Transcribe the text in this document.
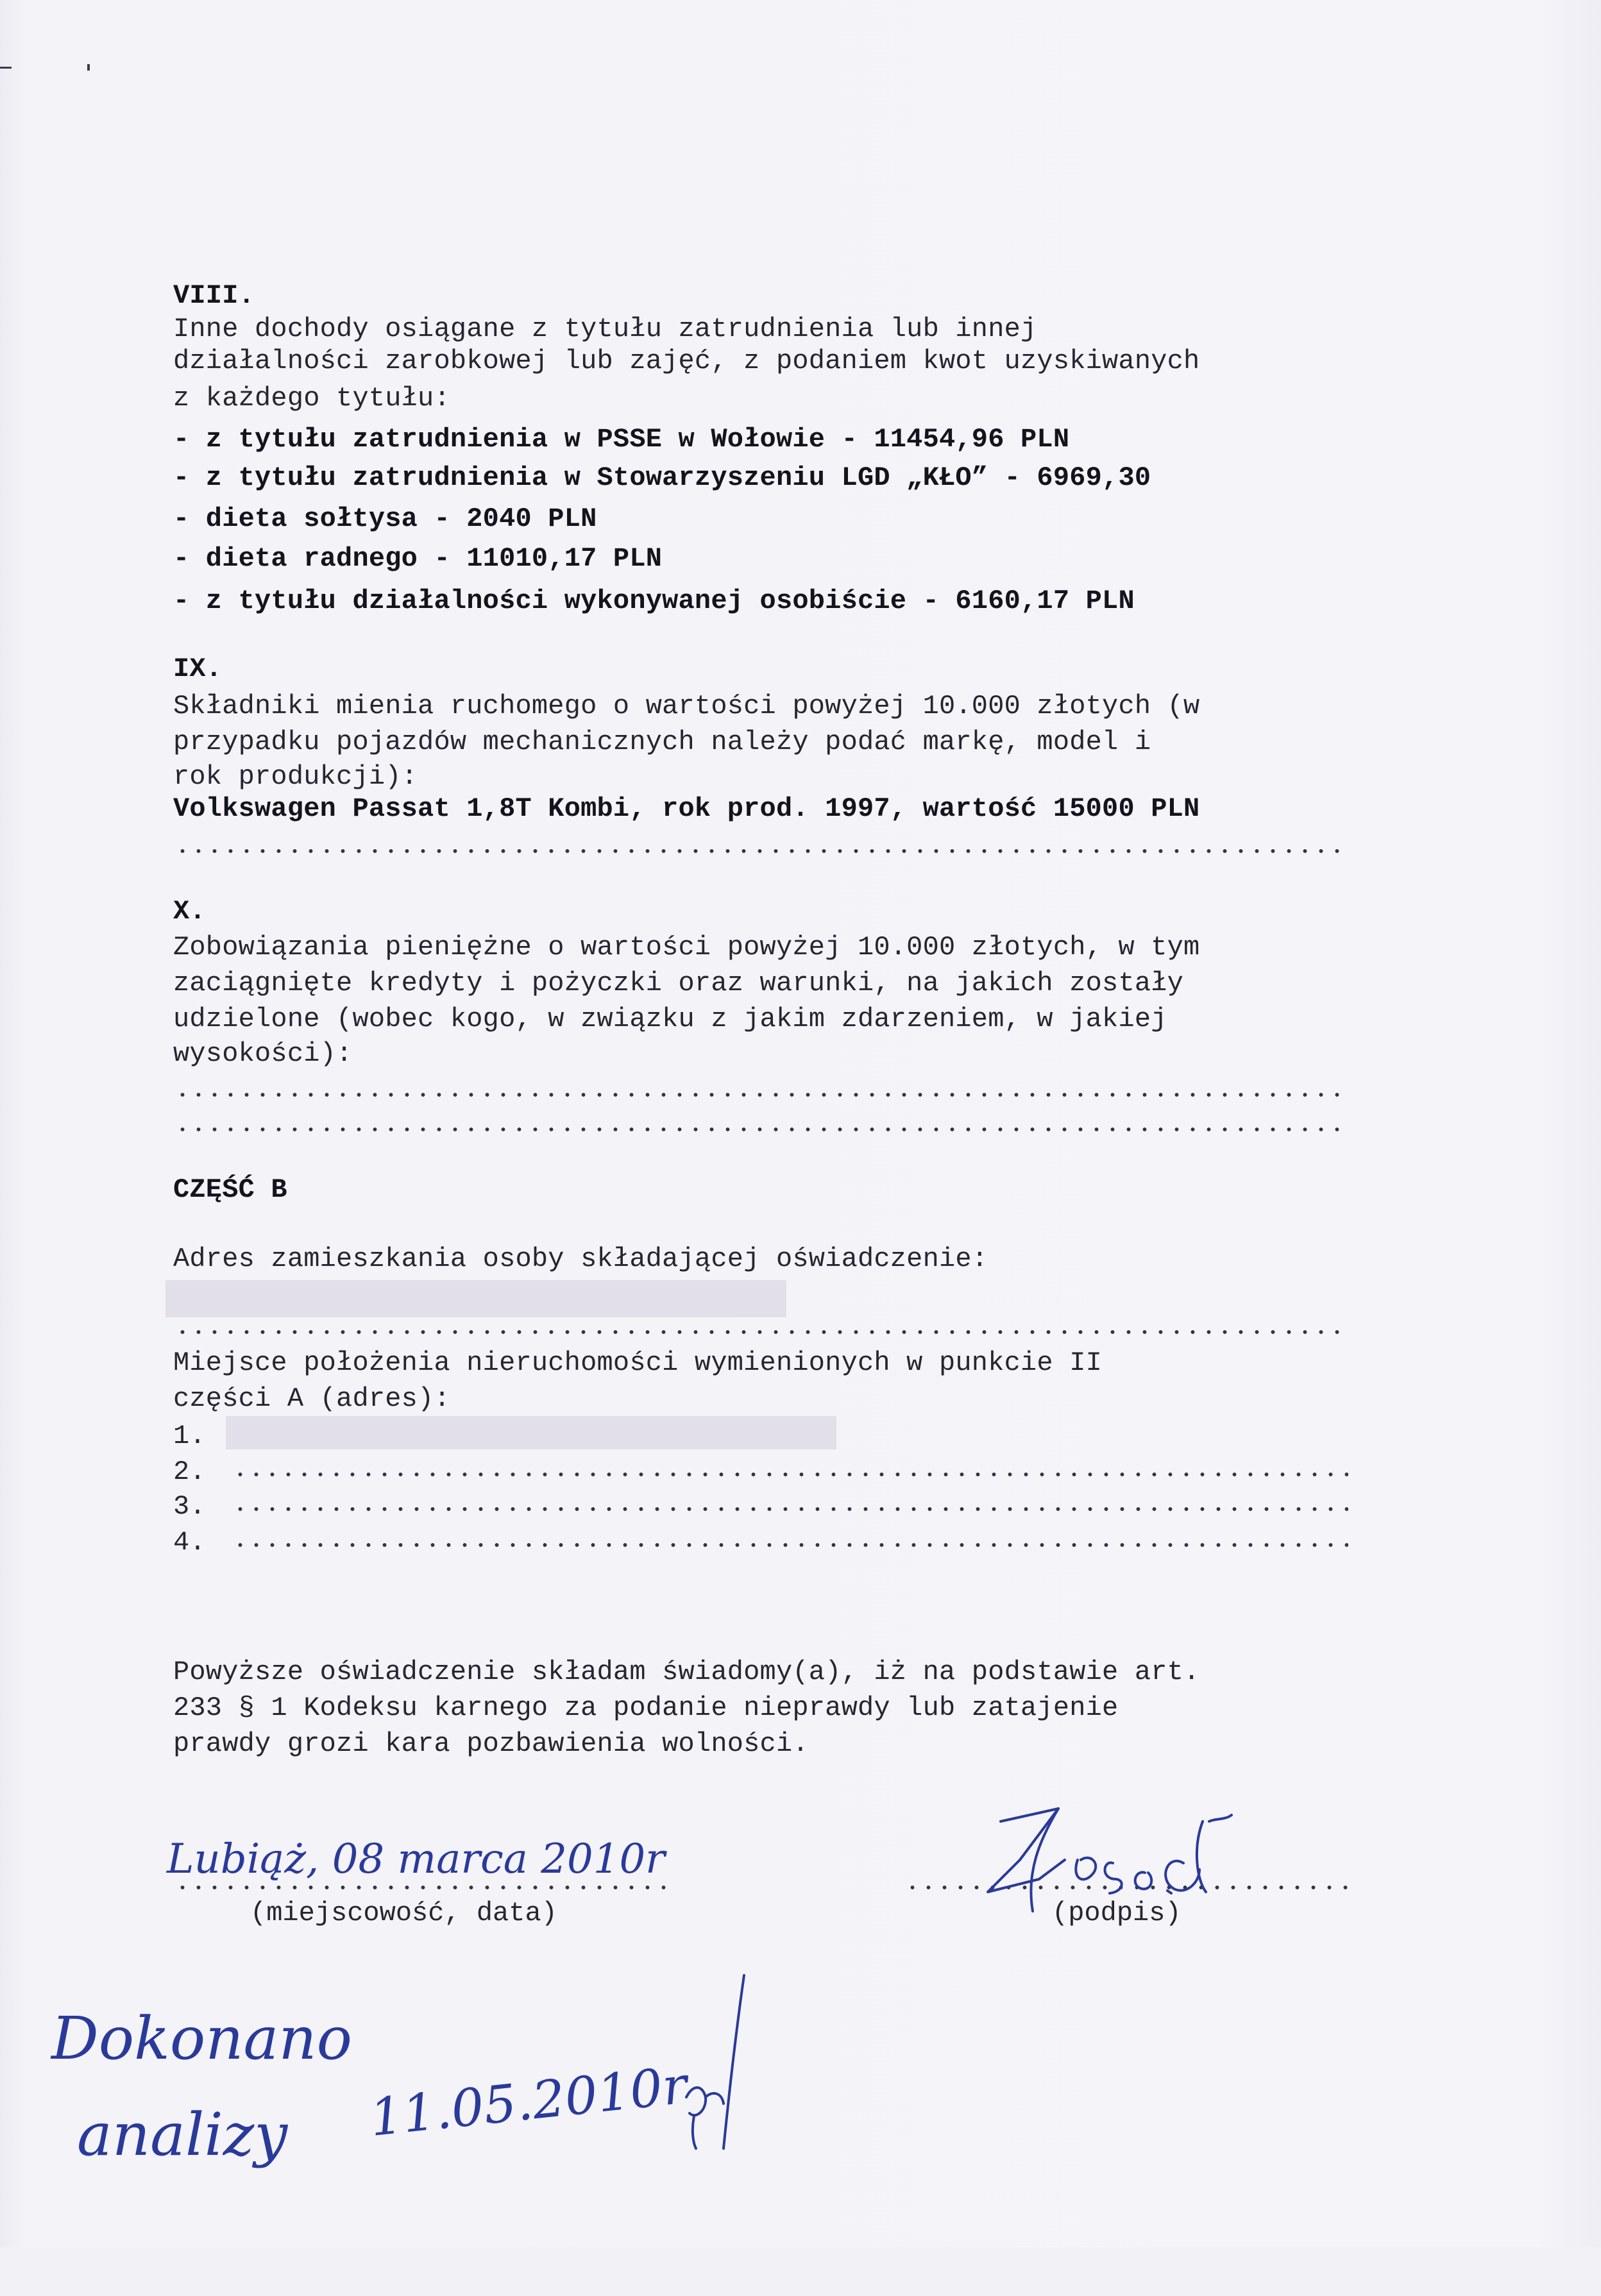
VIII.
Inne dochody osiągane z tytułu zatrudnienia lub innej
działalności zarobkowej lub zajęć, z podaniem kwot uzyskiwanych
z każdego tytułu:
- z tytułu zatrudnienia w PSSE w Wołowie - 11454,96 PLN
- z tytułu zatrudnienia w Stowarzyszeniu LGD „KŁO” - 6969,30
- dieta sołtysa - 2040 PLN
- dieta radnego - 11010,17 PLN
- z tytułu działalności wykonywanej osobiście - 6160,17 PLN
IX.
Składniki mienia ruchomego o wartości powyżej 10.000 złotych (w
przypadku pojazdów mechanicznych należy podać markę, model i
rok produkcji):
Volkswagen Passat 1,8T Kombi, rok prod. 1997, wartość 15000 PLN
X.
Zobowiązania pieniężne o wartości powyżej 10.000 złotych, w tym
zaciągnięte kredyty i pożyczki oraz warunki, na jakich zostały
udzielone (wobec kogo, w związku z jakim zdarzeniem, w jakiej
wysokości):
CZĘŚĆ B
Adres zamieszkania osoby składającej oświadczenie:
Miejsce położenia nieruchomości wymienionych w punkcie II
części A (adres):
1.
2.
3.
4.
Powyższe oświadczenie składam świadomy(a), iż na podstawie art.
233 § 1 Kodeksu karnego za podanie nieprawdy lub zatajenie
prawdy grozi kara pozbawienia wolności.
Lubiąż, 08 marca 2010r
(miejscowość, data)	(podpis)
Dokonano
analizy 11.05.2010r
